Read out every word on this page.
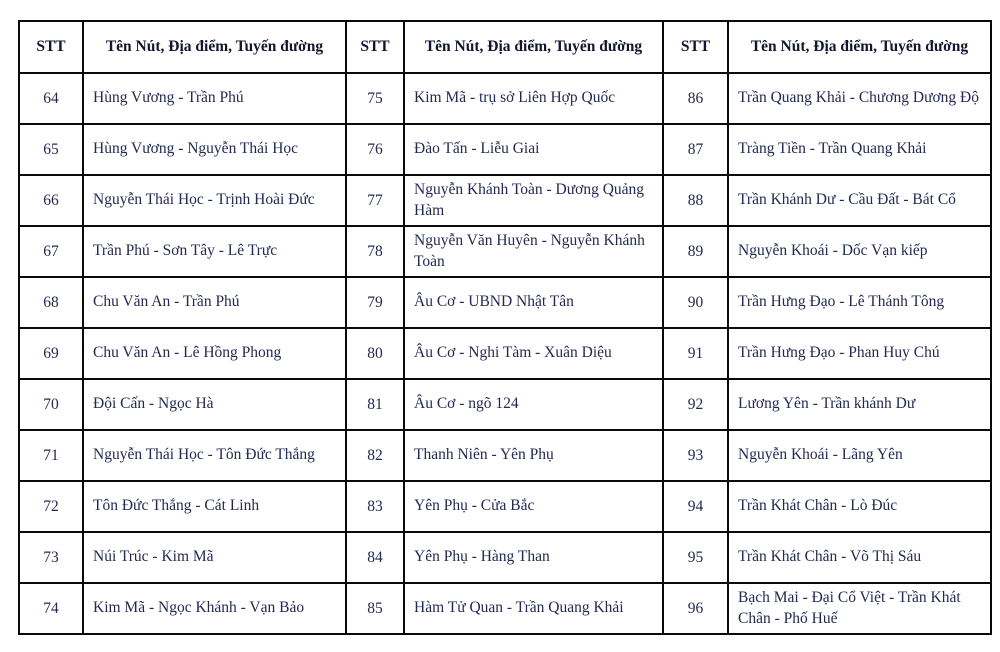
STT	Tên Nút, Địa điểm, Tuyến đường	STT	Tên Nút, Địa điểm, Tuyến đường	STT	Tên Nút, Địa điểm, Tuyến đường
64	Hùng Vương - Trần Phú	75	Kim Mã - trụ sở Liên Hợp Quốc	86	Trần Quang Khải - Chương Dương Độ
65	Hùng Vương - Nguyễn Thái Học	76	Đào Tấn - Liễu Giai	87	Tràng Tiền - Trần Quang Khải
66	Nguyễn Thái Học - Trịnh Hoài Đức	77	Nguyễn Khánh Toàn - Dương Quảng Hàm	88	Trần Khánh Dư - Cầu Đất - Bát Cổ
67	Trần Phú - Sơn Tây - Lê Trực	78	Nguyễn Văn Huyên - Nguyễn Khánh Toàn	89	Nguyễn Khoái - Dốc Vạn kiếp
68	Chu Văn An - Trần Phú	79	Âu Cơ - UBND Nhật Tân	90	Trần Hưng Đạo - Lê Thánh Tông
69	Chu Văn An - Lê Hồng Phong	80	Âu Cơ - Nghi Tàm - Xuân Diệu	91	Trần Hưng Đạo - Phan Huy Chú
70	Đội Cấn - Ngọc Hà	81	Âu Cơ - ngõ 124	92	Lương Yên - Trần khánh Dư
71	Nguyễn Thái Học - Tôn Đức Thắng	82	Thanh Niên - Yên Phụ	93	Nguyễn Khoái - Lãng Yên
72	Tôn Đức Thắng - Cát Linh	83	Yên Phụ - Cửa Bắc	94	Trần Khát Chân - Lò Đúc
73	Núi Trúc - Kim Mã	84	Yên Phụ - Hàng Than	95	Trần Khát Chân - Võ Thị Sáu
74	Kim Mã - Ngọc Khánh - Vạn Bảo	85	Hàm Tử Quan - Trần Quang Khải	96	Bạch Mai - Đại Cổ Việt - Trần Khát Chân - Phố Huế
